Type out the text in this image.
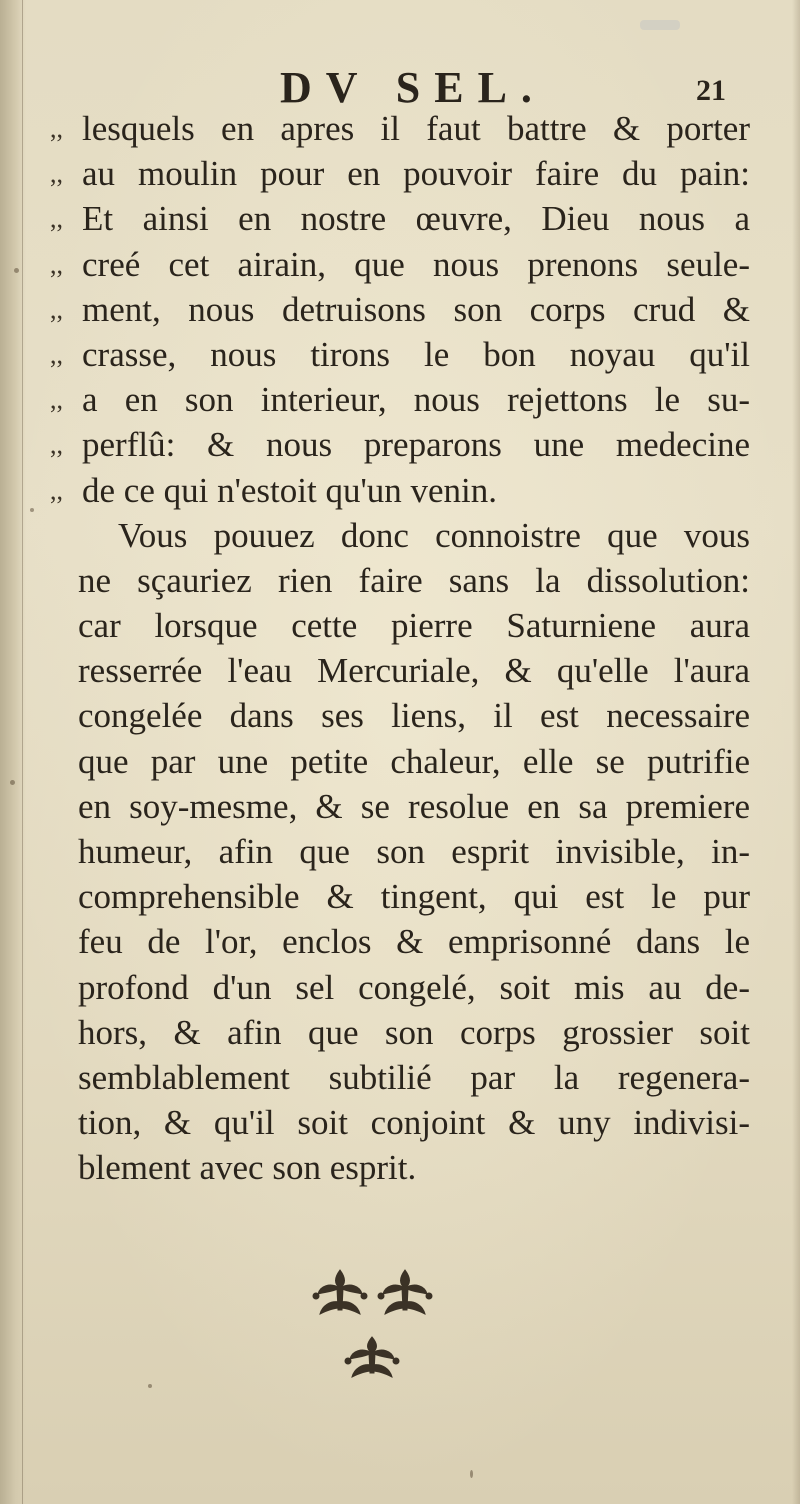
DV SEL.	21
,, lesquels en apres il faut battre & porter
,, au moulin pour en pouvoir faire du pain:
,, Et ainsi en nostre œuvre, Dieu nous a
,, creé cet airain, que nous prenons seule-
,, ment, nous detruisons son corps crud &
,, crasse, nous tirons le bon noyau qu'il
,, a en son interieur, nous rejettons le su-
,, perflû: & nous preparons une medecine
,, de ce qui n'estoit qu'un venin.
Vous pouuez donc connoistre que vous
ne sçauriez rien faire sans la dissolution:
car lorsque cette pierre Saturniene aura
resserrée l'eau Mercuriale, & qu'elle l'aura
congelée dans ses liens, il est necessaire
que par une petite chaleur, elle se putrifie
en soy-mesme, & se resolue en sa premiere
humeur, afin que son esprit invisible, in-
comprehensible & tingent, qui est le pur
feu de l'or, enclos & emprisonné dans le
profond d'un sel congelé, soit mis au de-
hors, & afin que son corps grossier soit
semblablement subtilié par la regenera-
tion, & qu'il soit conjoint & uny indivisi-
blement avec son esprit.
